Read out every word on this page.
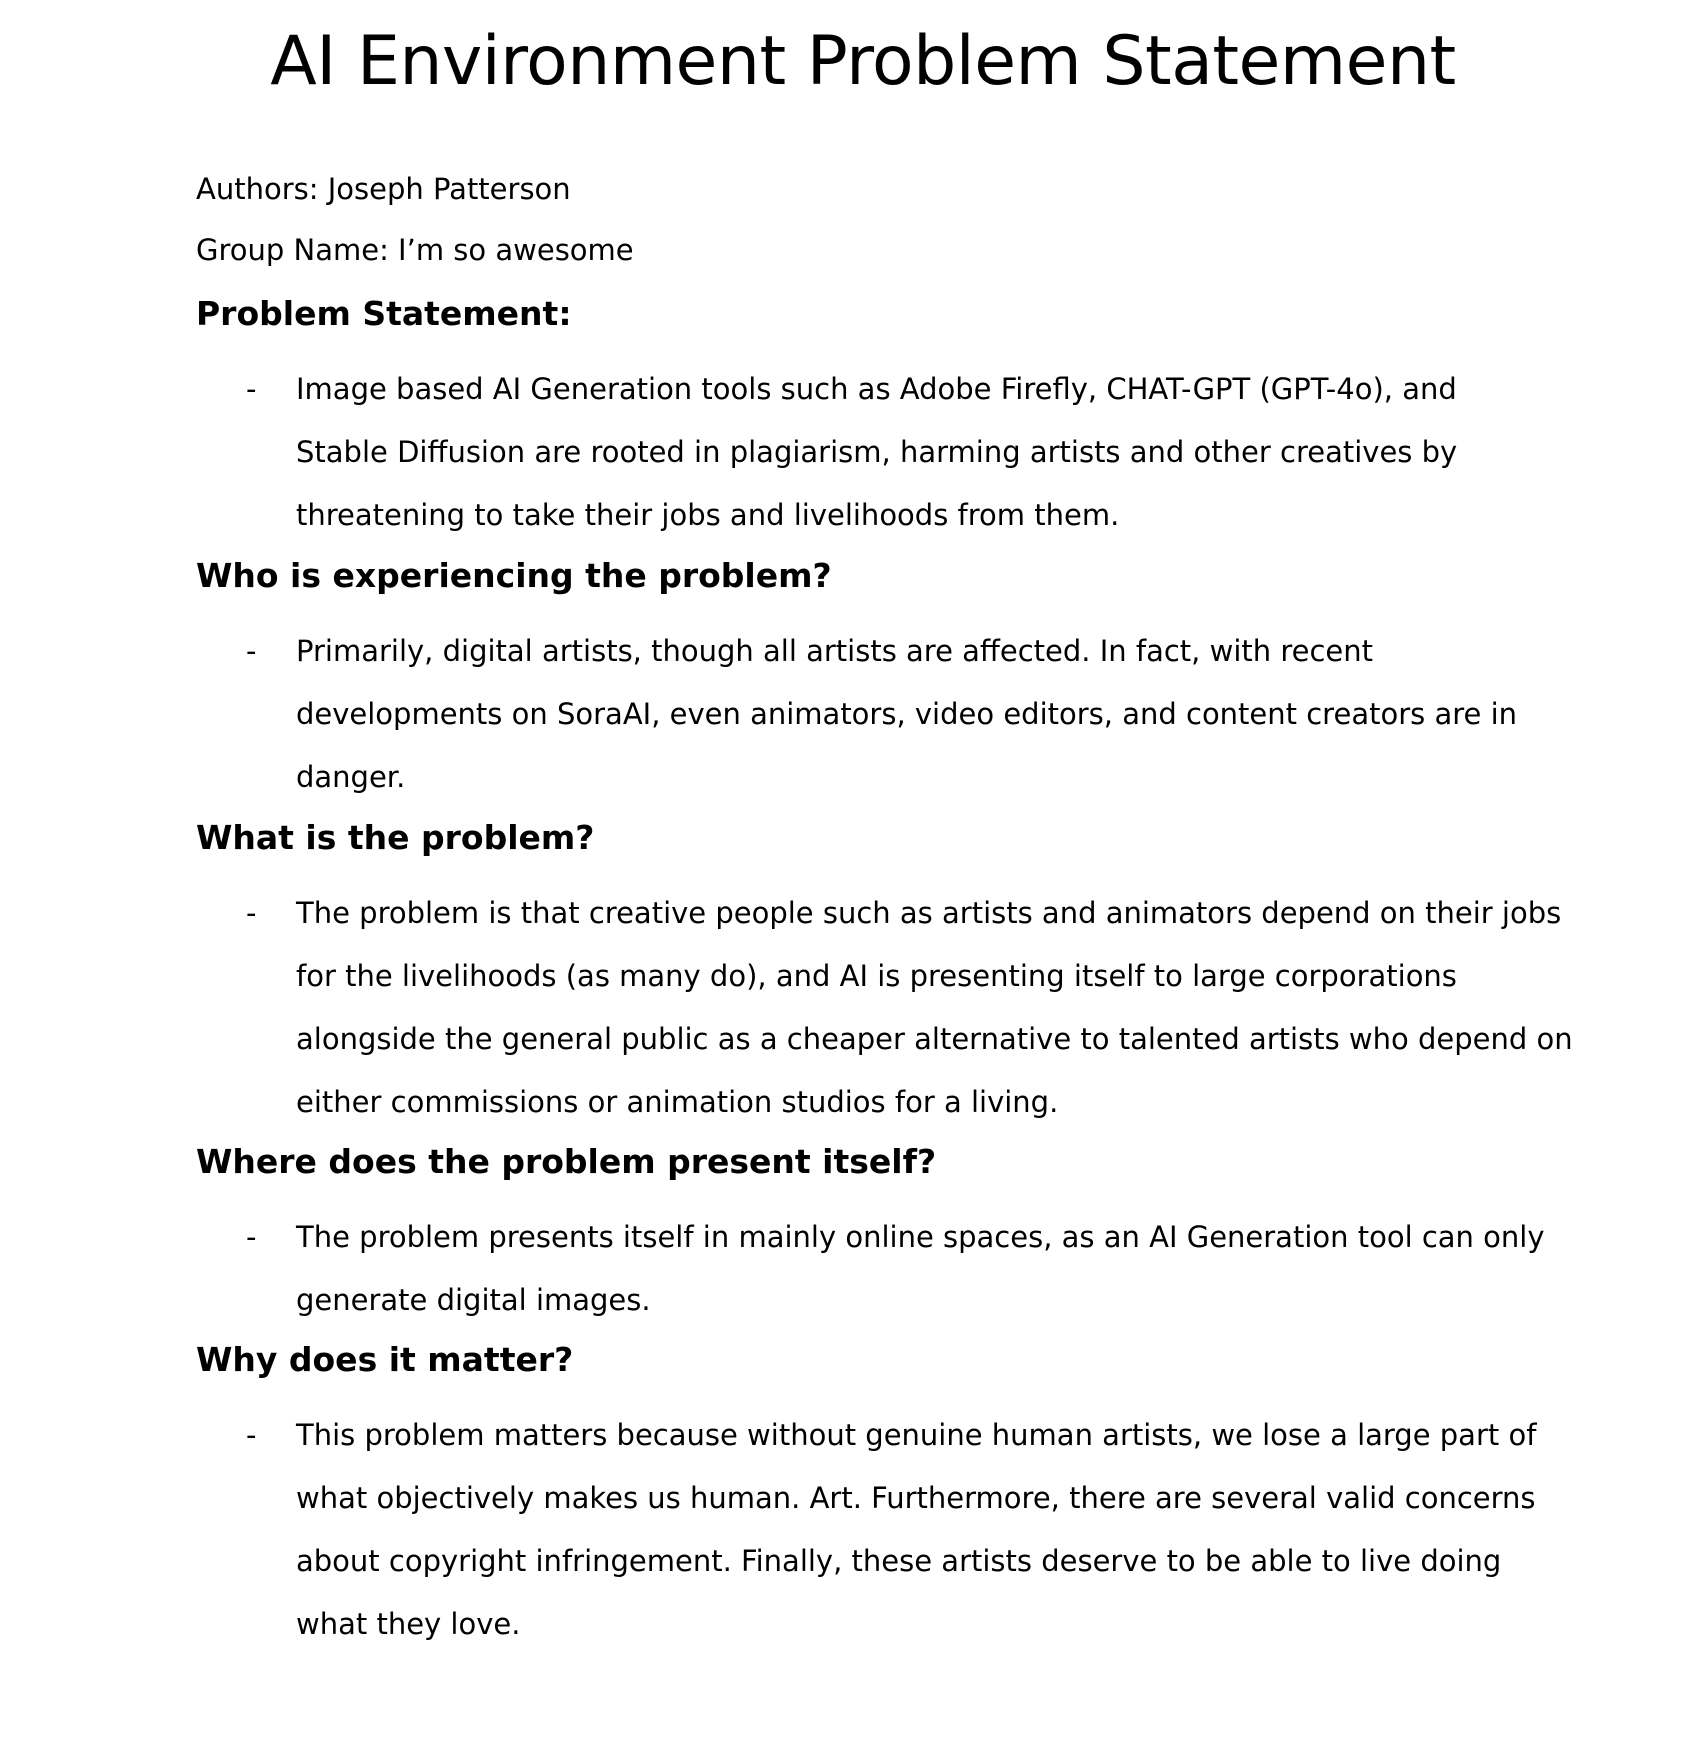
AI Environment Problem Statement

Authors: Joseph Patterson

Group Name: I’m so awesome

Problem Statement:
- Image based AI Generation tools such as Adobe Firefly, CHAT-GPT (GPT-4o), and
Stable Diffusion are rooted in plagiarism, harming artists and other creatives by
threatening to take their jobs and livelihoods from them.

Who is experiencing the problem?
- Primarily, digital artists, though all artists are affected. In fact, with recent
developments on SoraAI, even animators, video editors, and content creators are in
danger.

What is the problem?
- The problem is that creative people such as artists and animators depend on their jobs
for the livelihoods (as many do), and AI is presenting itself to large corporations
alongside the general public as a cheaper alternative to talented artists who depend on
either commissions or animation studios for a living.

Where does the problem present itself?
- The problem presents itself in mainly online spaces, as an AI Generation tool can only
generate digital images.

Why does it matter?
- This problem matters because without genuine human artists, we lose a large part of
what objectively makes us human. Art. Furthermore, there are several valid concerns
about copyright infringement. Finally, these artists deserve to be able to live doing
what they love.
